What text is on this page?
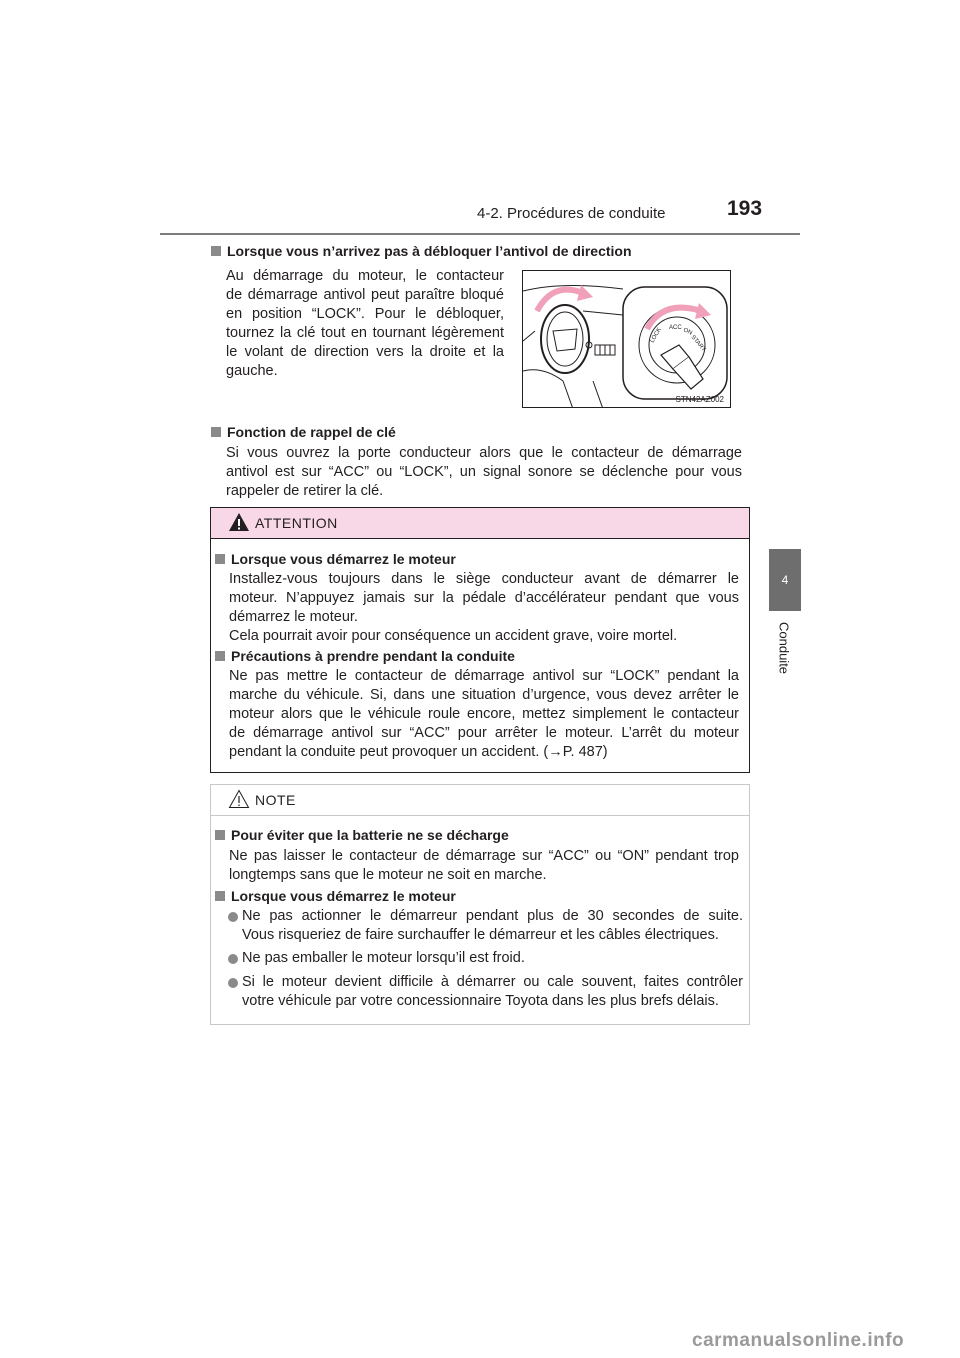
4-2. Procédures de conduite	193
4
Conduite
Lorsque vous n’arrivez pas à débloquer l’antivol de direction
Au démarrage du moteur, le contacteur
de démarrage antivol peut paraître bloqué
en position “LOCK”. Pour le débloquer,
tournez la clé tout en tournant légèrement
le volant de direction vers la droite et la
gauche.
LOCK ACC ON
START
STN42AZ002
Fonction de rappel de clé
Si vous ouvrez la porte conducteur alors que le contacteur de démarrage
antivol est sur “ACC” ou “LOCK”, un signal sonore se déclenche pour vous
rappeler de retirer la clé.
ATTENTION
Lorsque vous démarrez le moteur
Installez-vous toujours dans le siège conducteur avant de démarrer le
moteur. N’appuyez jamais sur la pédale d’accélérateur pendant que vous
démarrez le moteur.
Cela pourrait avoir pour conséquence un accident grave, voire mortel.
Précautions à prendre pendant la conduite
Ne pas mettre le contacteur de démarrage antivol sur “LOCK” pendant la
marche du véhicule. Si, dans une situation d’urgence, vous devez arrêter le
moteur alors que le véhicule roule encore, mettez simplement le contacteur
de démarrage antivol sur “ACC” pour arrêter le moteur. L’arrêt du moteur
pendant la conduite peut provoquer un accident. (→P. 487)
NOTE
Pour éviter que la batterie ne se décharge
Ne pas laisser le contacteur de démarrage sur “ACC” ou “ON” pendant trop
longtemps sans que le moteur ne soit en marche.
Lorsque vous démarrez le moteur
Ne pas actionner le démarreur pendant plus de 30 secondes de suite.
Vous risqueriez de faire surchauffer le démarreur et les câbles électriques.
Ne pas emballer le moteur lorsqu’il est froid.
Si le moteur devient difficile à démarrer ou cale souvent, faites contrôler
votre véhicule par votre concessionnaire Toyota dans les plus brefs délais.
carmanualsonline.info
